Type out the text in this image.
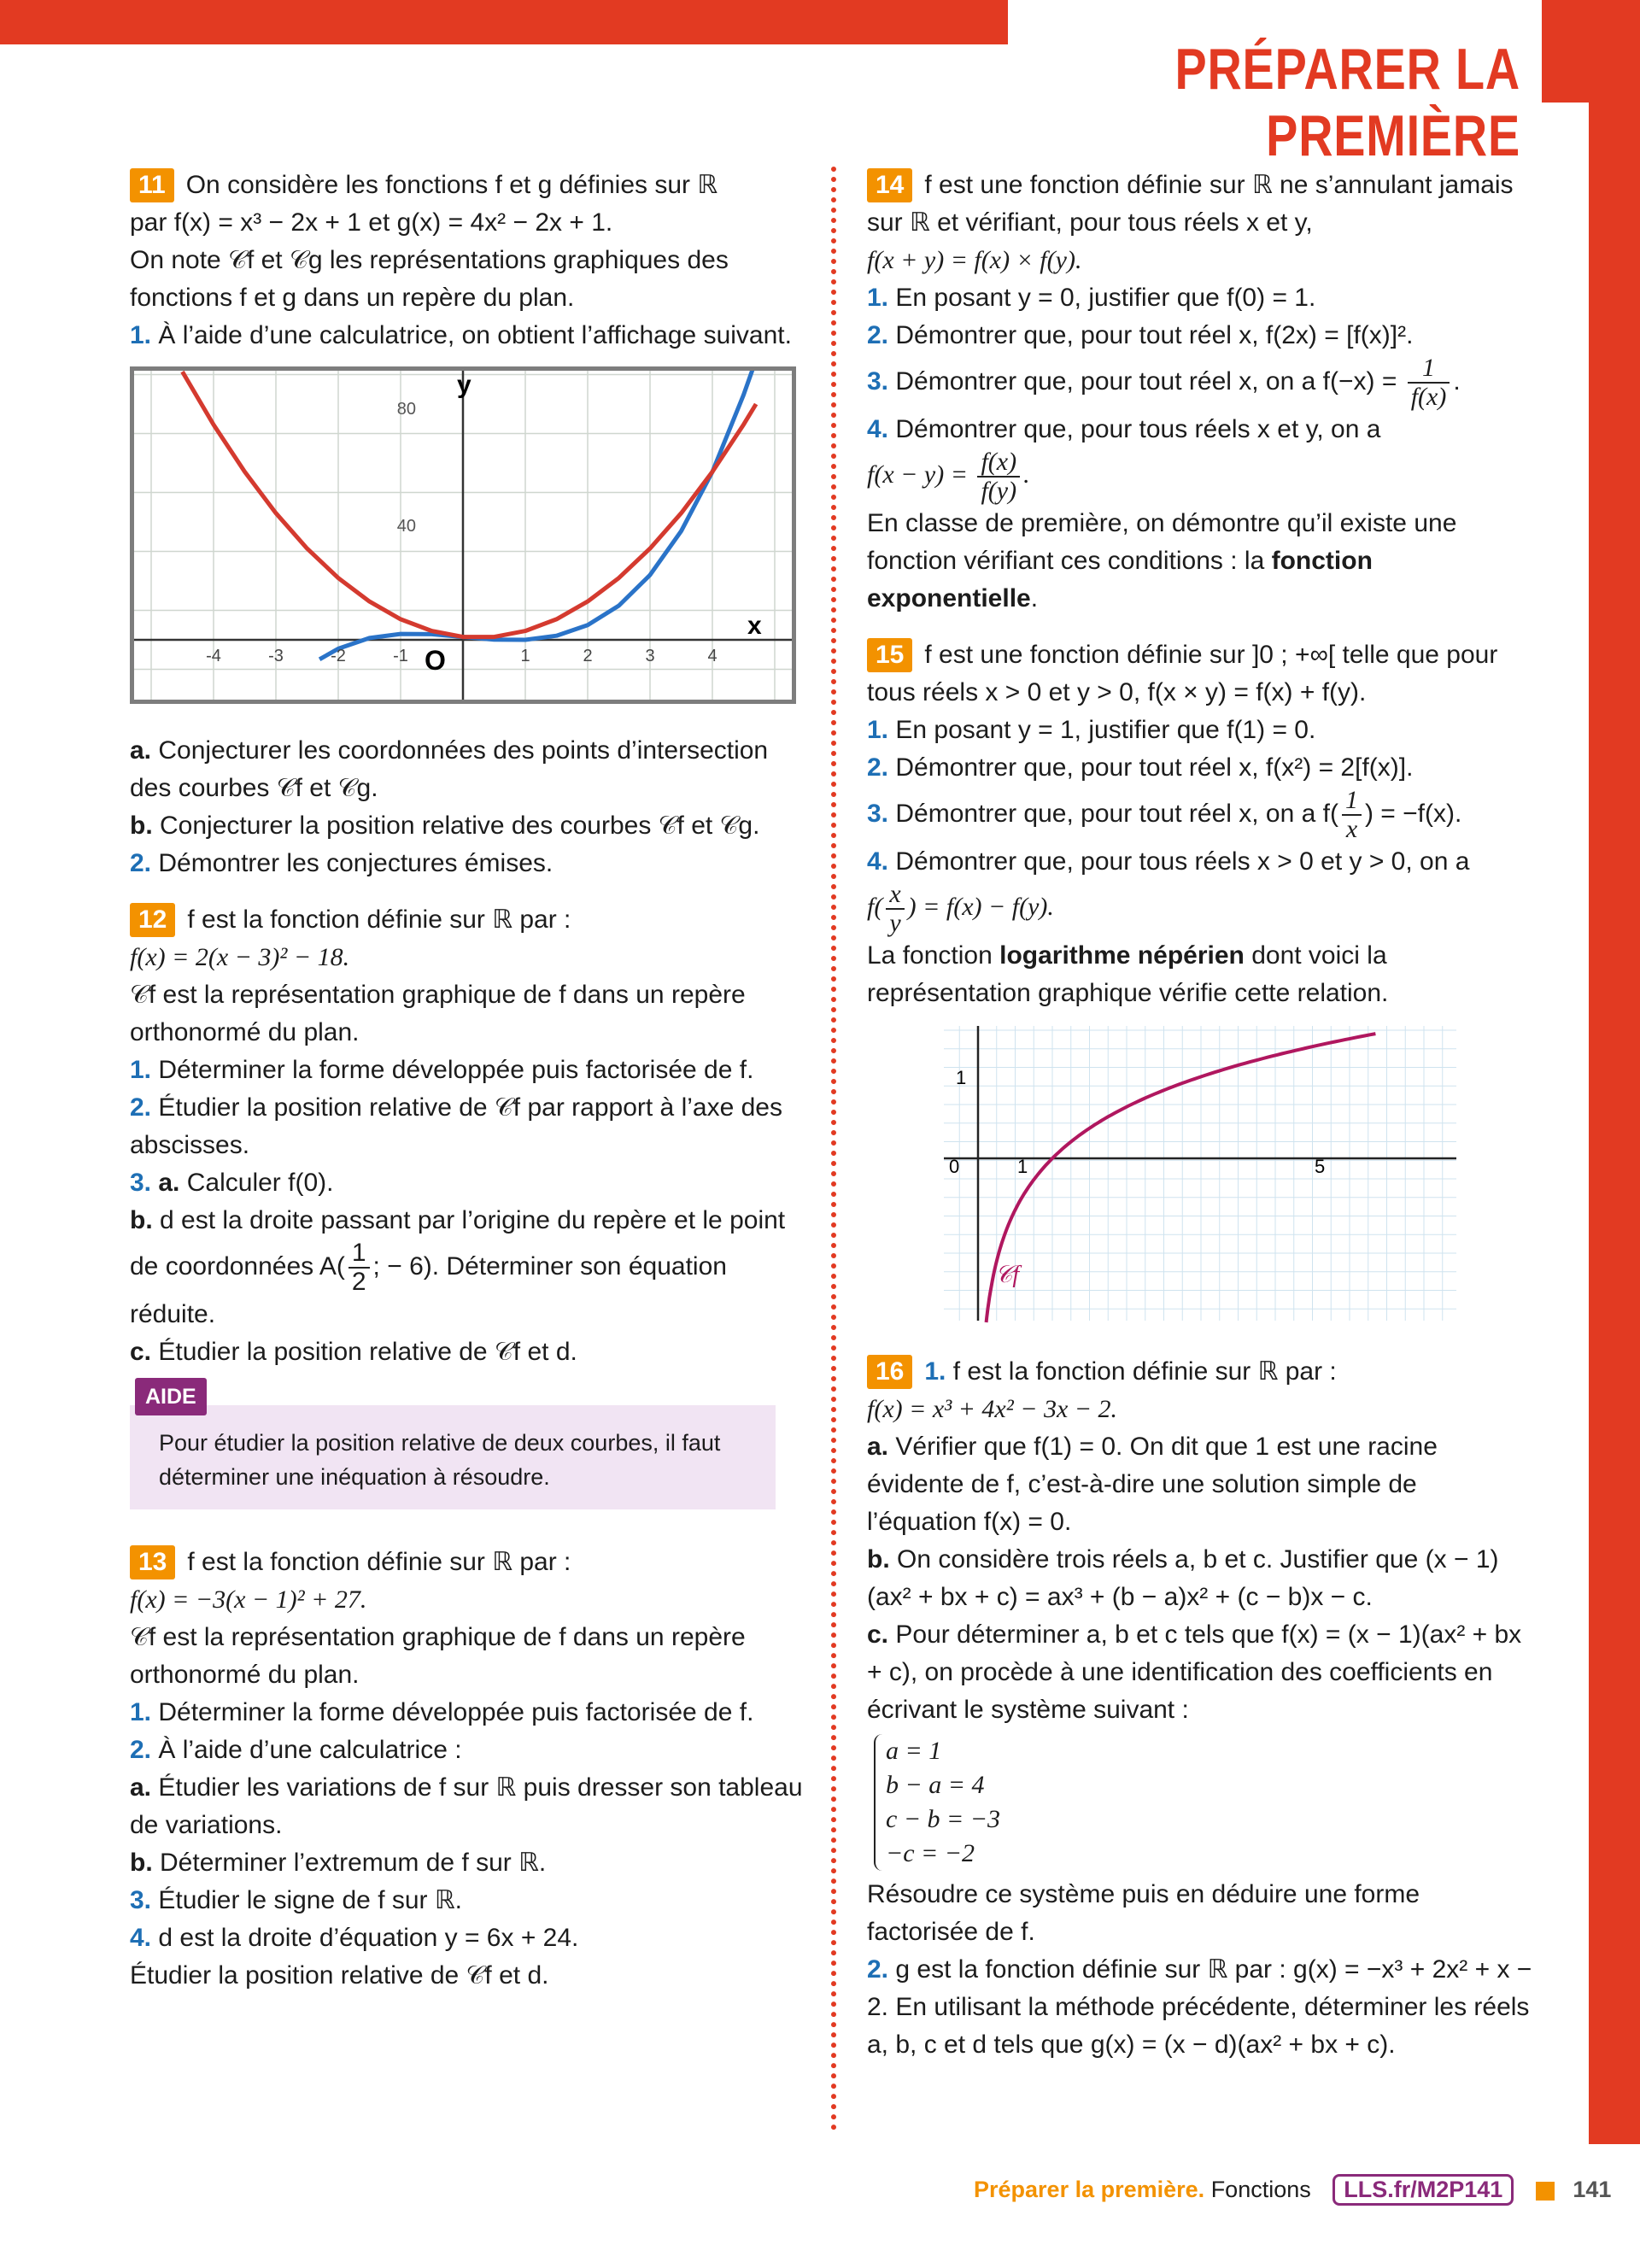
PRÉPARER LA PREMIÈRE

11 On considère les fonctions f et g définies sur ℝ

par f(x) = x³ − 2x + 1 et g(x) = 4x² − 2x + 1.

On note 𝒞f et 𝒞g les représentations graphiques des fonctions f et g dans un repère du plan.

1. À l’aide d’une calculatrice, on obtient l’affichage suivant.

y
x
O
80
40
-4	-3	-2	-1	1	2	3	4

a. Conjecturer les coordonnées des points d’intersection des courbes 𝒞f et 𝒞g.

b. Conjecturer la position relative des courbes 𝒞f et 𝒞g.

2. Démontrer les conjectures émises.

12 f est la fonction définie sur ℝ par :

f(x) = 2(x − 3)² − 18.

𝒞f est la représentation graphique de f dans un repère orthonormé du plan.

1. Déterminer la forme développée puis factorisée de f.

2. Étudier la position relative de 𝒞f par rapport à l’axe des abscisses.

3. a. Calculer f(0).

b. d est la droite passant par l’origine du repère et le point de coordonnées $A( \frac{1}{2}$ ; − 6). Déterminer son équation réduite.

c. Étudier la position relative de 𝒞f et d.

AIDE
Pour étudier la position relative de deux courbes, il faut déterminer une inéquation à résoudre.

13 f est la fonction définie sur ℝ par :

f(x) = −3(x − 1)² + 27.

𝒞f est la représentation graphique de f dans un repère orthonormé du plan.

1. Déterminer la forme développée puis factorisée de f.

2. À l’aide d’une calculatrice :

a. Étudier les variations de f sur ℝ puis dresser son tableau de variations.

b. Déterminer l’extremum de f sur ℝ.

3. Étudier le signe de f sur ℝ.

4. d est la droite d’équation y = 6x + 24.

Étudier la position relative de 𝒞f et d.

14 f est une fonction définie sur ℝ ne s’annulant jamais sur ℝ et vérifiant, pour tous réels x et y,

f(x + y) = f(x) × f(y).

1. En posant y = 0, justifier que f(0) = 1.

2. Démontrer que, pour tout réel x, f(2x) = [f(x)]².

3. Démontrer que, pour tout réel x, on a $f(-x) = \frac{1}{f(x)}$ .

4. Démontrer que, pour tous réels x et y, on a

$f(x - y) = \frac{f(x)}{f(y)}$ .

En classe de première, on démontre qu’il existe une fonction vérifiant ces conditions : la fonction exponentielle.

15 f est une fonction définie sur ]0 ; +∞[ telle que pour tous réels x > 0 et y > 0, f(x × y) = f(x) + f(y).

1. En posant y = 1, justifier que f(1) = 0.

2. Démontrer que, pour tout réel x, f(x²) = 2[f(x)].

3. Démontrer que, pour tout réel x, on a $f( \frac{1}{x}$ ) = −f(x).

4. Démontrer que, pour tous réels x > 0 et y > 0, on a

$f( \frac{x}{y}$ ) = f(x) − f(y).

La fonction logarithme népérien dont voici la représentation graphique vérifie cette relation.

1
0	1	5
𝒞f

16 1. f est la fonction définie sur ℝ par :

f(x) = x³ + 4x² − 3x − 2.

a. Vérifier que f(1) = 0. On dit que 1 est une racine évidente de f, c’est-à-dire une solution simple de l’équation f(x) = 0.

b. On considère trois réels a, b et c. Justifier que (x − 1)(ax² + bx + c) = ax³ + (b − a)x² + (c − b)x − c.

c. Pour déterminer a, b et c tels que f(x) = (x − 1)(ax² + bx + c), on procède à une identification des coefficients en écrivant le système suivant :

a = 1
b − a = 4
c − b = −3
−c = −2

Résoudre ce système puis en déduire une forme factorisée de f.

2. g est la fonction définie sur ℝ par : g(x) = −x³ + 2x² + x − 2. En utilisant la méthode précédente, déterminer les réels a, b, c et d tels que g(x) = (x − d)(ax² + bx + c).

Préparer la première. Fonctions LLS.fr/M2P141	141
